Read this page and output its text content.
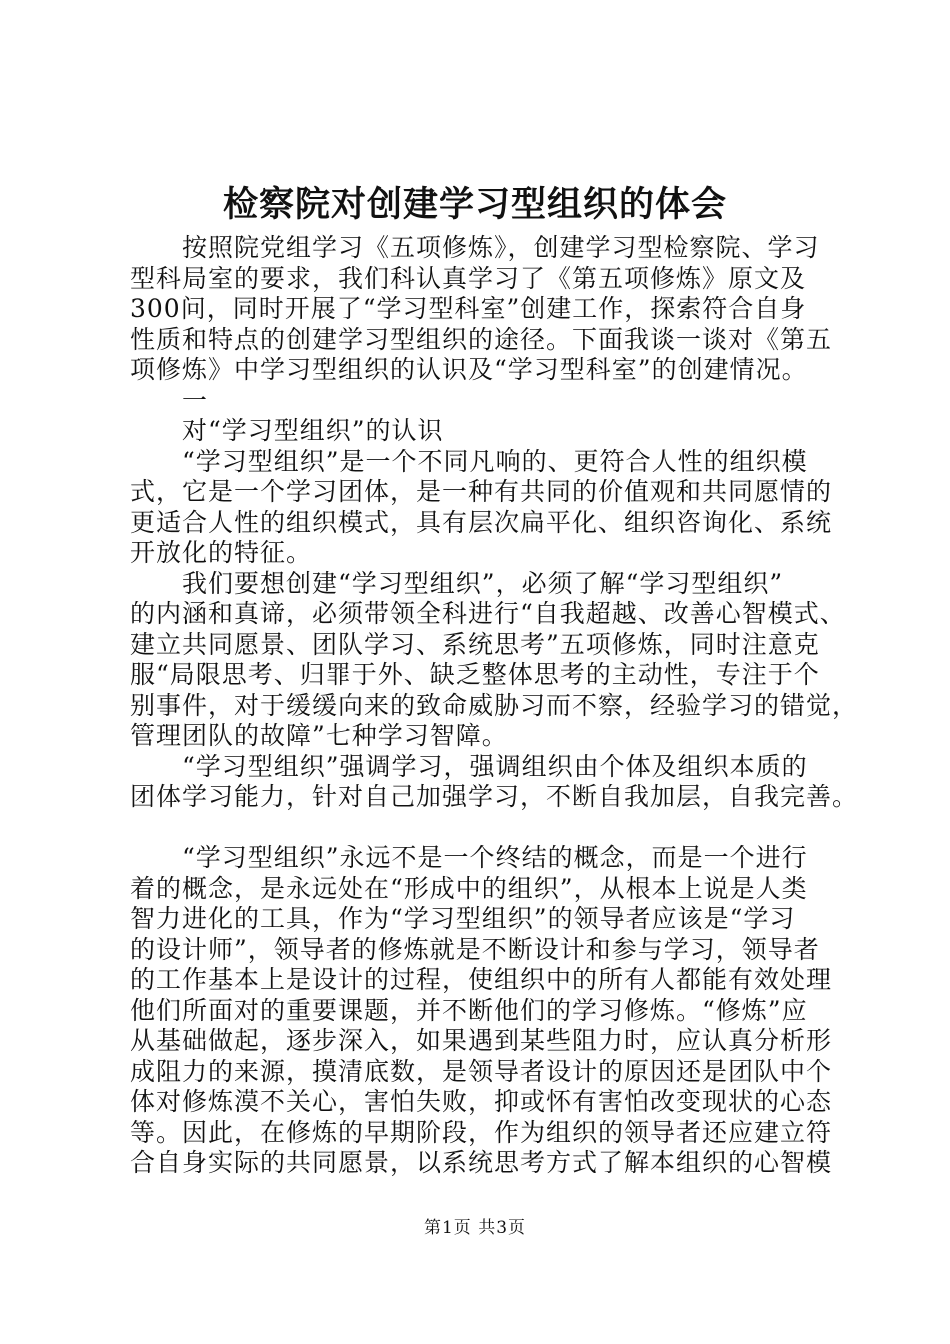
检察院对创建学习型组织的体会
按照院党组学习《五项修炼》，创建学习型检察院、学习
型科局室的要求，我们科认真学习了《第五项修炼》原文及
300问，同时开展了“学习型科室”创建工作，探索符合自身
性质和特点的创建学习型组织的途径。下面我谈一谈对《第五
项修炼》中学习型组织的认识及“学习型科室”的创建情况。
一
对“学习型组织”的认识
“学习型组织”是一个不同凡响的、更符合人性的组织模
式，它是一个学习团体，是一种有共同的价值观和共同愿情的
更适合人性的组织模式，具有层次扁平化、组织咨询化、系统
开放化的特征。
我们要想创建“学习型组织”，必须了解“学习型组织”
的内涵和真谛，必须带领全科进行“自我超越、改善心智模式、
建立共同愿景、团队学习、系统思考”五项修炼，同时注意克
服“局限思考、归罪于外、缺乏整体思考的主动性，专注于个
别事件，对于缓缓向来的致命威胁习而不察，经验学习的错觉，
管理团队的故障”七种学习智障。
“学习型组织”强调学习，强调组织由个体及组织本质的
团体学习能力，针对自己加强学习，不断自我加层，自我完善。
“学习型组织”永远不是一个终结的概念，而是一个进行
着的概念，是永远处在“形成中的组织”，从根本上说是人类
智力进化的工具，作为“学习型组织”的领导者应该是“学习
的设计师”，领导者的修炼就是不断设计和参与学习，领导者
的工作基本上是设计的过程，使组织中的所有人都能有效处理
他们所面对的重要课题，并不断他们的学习修炼。“修炼”应
从基础做起，逐步深入，如果遇到某些阻力时，应认真分析形
成阻力的来源，摸清底数，是领导者设计的原因还是团队中个
体对修炼漠不关心，害怕失败，抑或怀有害怕改变现状的心态
等。因此，在修炼的早期阶段，作为组织的领导者还应建立符
合自身实际的共同愿景，以系统思考方式了解本组织的心智模
第1页 共3页
